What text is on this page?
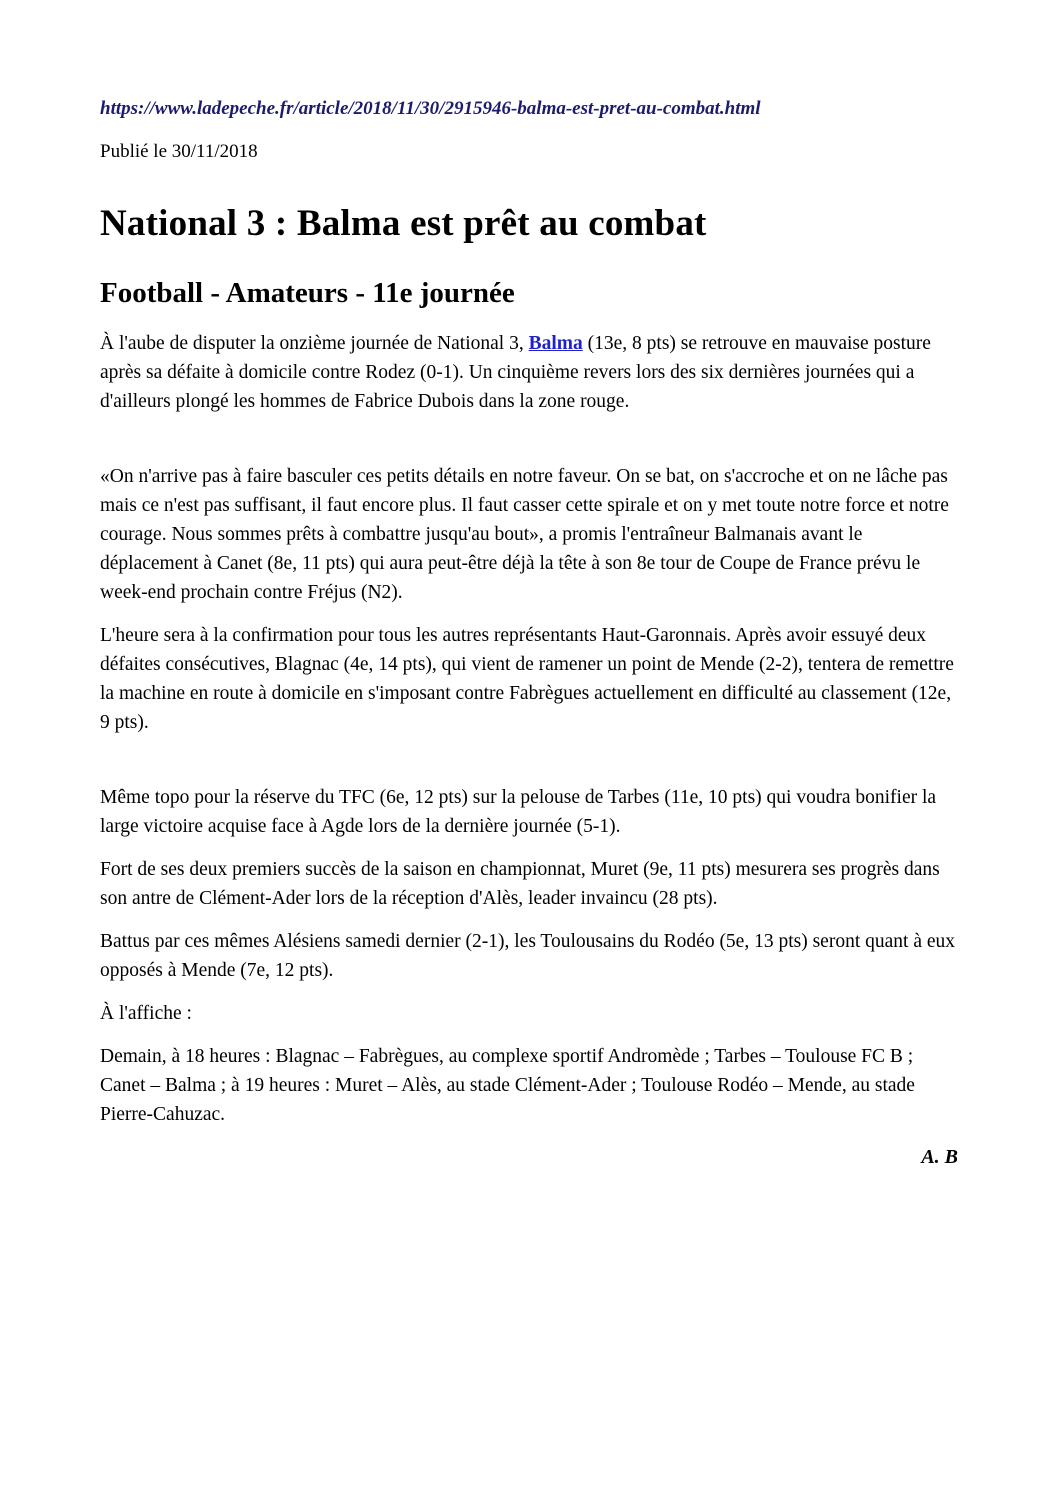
https://www.ladepeche.fr/article/2018/11/30/2915946-balma-est-pret-au-combat.html

Publié le 30/11/2018

National 3 : Balma est prêt au combat
Football - Amateurs - 11e journée

À l'aube de disputer la onzième journée de National 3, Balma (13e, 8 pts) se retrouve en mauvaise posture après sa défaite à domicile contre Rodez (0-1). Un cinquième revers lors des six dernières journées qui a d'ailleurs plongé les hommes de Fabrice Dubois dans la zone rouge.

«On n'arrive pas à faire basculer ces petits détails en notre faveur. On se bat, on s'accroche et on ne lâche pas mais ce n'est pas suffisant, il faut encore plus. Il faut casser cette spirale et on y met toute notre force et notre courage. Nous sommes prêts à combattre jusqu'au bout», a promis l'entraîneur Balmanais avant le déplacement à Canet (8e, 11 pts) qui aura peut-être déjà la tête à son 8e tour de Coupe de France prévu le week-end prochain contre Fréjus (N2).

L'heure sera à la confirmation pour tous les autres représentants Haut-Garonnais. Après avoir essuyé deux défaites consécutives, Blagnac (4e, 14 pts), qui vient de ramener un point de Mende (2-2), tentera de remettre la machine en route à domicile en s'imposant contre Fabrègues actuellement en difficulté au classement (12e, 9 pts).

Même topo pour la réserve du TFC (6e, 12 pts) sur la pelouse de Tarbes (11e, 10 pts) qui voudra bonifier la large victoire acquise face à Agde lors de la dernière journée (5-1).

Fort de ses deux premiers succès de la saison en championnat, Muret (9e, 11 pts) mesurera ses progrès dans son antre de Clément-Ader lors de la réception d'Alès, leader invaincu (28 pts).

Battus par ces mêmes Alésiens samedi dernier (2-1), les Toulousains du Rodéo (5e, 13 pts) seront quant à eux opposés à Mende (7e, 12 pts).

À l'affiche :

Demain, à 18 heures : Blagnac – Fabrègues, au complexe sportif Andromède ; Tarbes – Toulouse FC B ; Canet – Balma ; à 19 heures : Muret – Alès, au stade Clément-Ader ; Toulouse Rodéo – Mende, au stade Pierre-Cahuzac.

A. B
